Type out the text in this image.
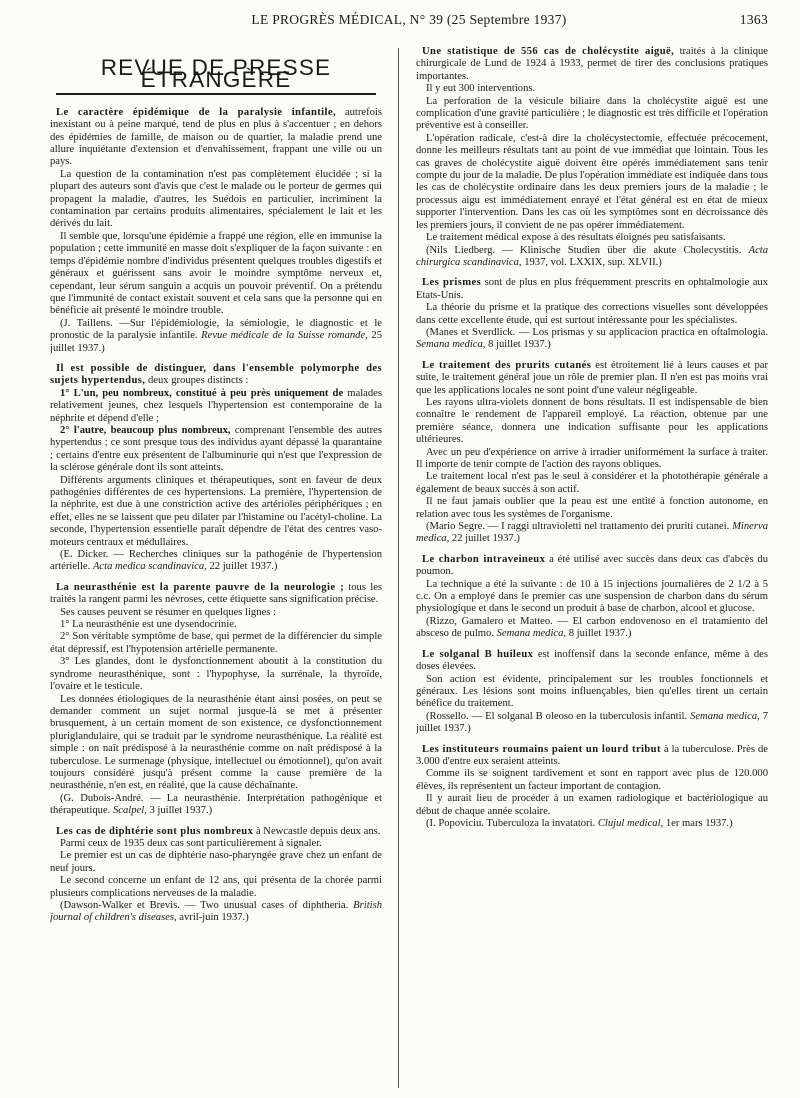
LE PROGRÈS MÉDICAL, N° 39 (25 Septembre 1937)	1363
REVUE DE PRESSE ÉTRANGÈRE

Le caractère épidémique de la paralysie infantile, autrefois inexistant ou à peine marqué, tend de plus en plus à s'accentuer ; en dehors des épidémies de famille, de maison ou de quartier, la maladie prend une allure inquiétante d'extension et d'envahissement, frappant une ville ou un pays.

La question de la contamination n'est pas complètement élucidée ; si la plupart des auteurs sont d'avis que c'est le malade ou le porteur de germes qui propagent la maladie, d'autres, les Suédois en particulier, incriminent la contamination par certains produits alimentaires, spécialement le lait et les dérivés du lait.

Il semble que, lorsqu'une épidémie a frappé une région, elle en immunise la population ; cette immunité en masse doit s'expliquer de la façon suivante : en temps d'épidémie nombre d'individus présentent quelques troubles digestifs et généraux et guérissent sans avoir le moindre symptôme nerveux et, cependant, leur sérum sanguin a acquis un pouvoir préventif. On a prétendu que l'immunité de contact existait souvent et cela sans que la personne qui en bénéficie ait présenté le moindre trouble.

(J. Taillens. —Sur l'épidémiologie, la sémiologie, le diagnostic et le pronostic de la paralysie infantile. Revue médicale de la Suisse romande, 25 juillet 1937.)

Il est possible de distinguer, dans l'ensemble polymorphe des sujets hypertendus, deux groupes distincts :

1° L'un, peu nombreux, constitué à peu près uniquement de malades relativement jeunes, chez lesquels l'hypertension est contemporaine de la néphrite et dépend d'elle ;

2° l'autre, beaucoup plus nombreux, comprenant l'ensemble des autres hypertendus ; ce sont presque tous des individus ayant dépassé la quarantaine ; certains d'entre eux présentent de l'albuminurie qui n'est que l'expression de la sclérose générale dont ils sont atteints.

Différents arguments cliniques et thérapeutiques, sont en faveur de deux pathogénies différentes de ces hypertensions. La première, l'hypertension de la néphrite, est due à une constriction active des artérioles périphériques ; en effet, elles ne se laissent que peu dilater par l'histamine ou l'acétyl-choline. La seconde, l'hypertension essentielle paraît dépendre de l'état des centres vaso-moteurs centraux et médullaires.

(E. Dicker. — Recherches cliniques sur la pathogénie de l'hypertension artérielle. Acta medica scandinavica, 22 juillet 1937.)

La neurasthénie est la parente pauvre de la neurologie ; tous les traités la rangent parmi les névroses, cette étiquette sans signification précise.

Ses causes peuvent se résumer en quelques lignes :

1° La neurasthénie est une dysendocrinie.

2° Son véritable symptôme de base, qui permet de la différencier du simple état dépressif, est l'hypotension artérielle permanente.

3° Les glandes, dont le dysfonctionnement aboutit à la constitution du syndrome neurasthénique, sont : l'hypophyse, la surrénale, la thyroïde, l'ovaire et le testicule.

Les données étiologiques de la neurasthénie étant ainsi posées, on peut se demander comment un sujet normal jusque-là se met à présenter brusquement, à un certain moment de son existence, ce dysfonctionnement pluriglandulaire, qui se traduit par le syndrome neurasthénique. La réalité est simple : on naît prédisposé à la neurasthénie comme on naît prédisposé à la tuberculose. Le surmenage (physique, intellectuel ou émotionnel), qu'on avait toujours considéré jusqu'à présent comme la cause première de la neurasthénie, n'en est, en réalité, que la cause déchaînante.

(G. Dubois-André. — La neurasthénie. Interprétation pathogénique et thérapeutique. Scalpel, 3 juillet 1937.)

Les cas de diphtérie sont plus nombreux à Newcastle depuis deux ans.

Parmi ceux de 1935 deux cas sont particulièrement à signaler.

Le premier est un cas de diphtérie naso-pharyngée grave chez un enfant de neuf jours.

Le second concerne un enfant de 12 ans, qui présenta de la chorée parmi plusieurs complications nerveuses de la maladie.

(Dawson-Walker et Brevis. — Two unusual cases of diphtheria. British journal of children's diseases, avril-juin 1937.)

Une statistique de 556 cas de cholécystite aiguë, traités à la clinique chirurgicale de Lund de 1924 à 1933, permet de tirer des conclusions pratiques importantes.

Il y eut 300 interventions.

La perforation de la vésicule biliaire dans la cholécystite aiguë est une complication d'une gravité particulière ; le diagnostic est très difficile et l'opération préventive est à conseiller.

L'opération radicale, c'est-à dire la cholécystectomie, effectuée précocement, donne les meilleurs résultats tant au point de vue immédiat que lointain. Tous les cas graves de cholécystite aiguë doivent être opérés immédiatement sans tenir compte du jour de la maladie. De plus l'opération immédiate est indiquée dans tous les cas de cholécystite ordinaire dans les deux premiers jours de la maladie ; le processus aigu est immédiatement enrayé et l'état général est en état de mieux supporter l'intervention. Dans les cas où les symptômes sont en décroissance dès les premiers jours, il convient de ne pas opérer immédiatement.

Le traitement médical expose à des résultats éloignés peu satisfaisants.

(Nils Liedberg. — Klinische Studien über die akute Cholecystitis. Acta chirurgica scandinavica, 1937, vol. LXXIX, sup. XLVII.)

Les prismes sont de plus en plus fréquemment prescrits en ophtalmologie aux Etats-Unis.

La théorie du prisme et la pratique des corrections visuelles sont développées dans cette excellente étude, qui est surtout intéressante pour les spécialistes.

(Manes et Sverdlick. — Los prismas y su applicacion practica en oftalmologia. Semana medica, 8 juillet 1937.)

Le traitement des prurits cutanés est étroitement lié à leurs causes et par suite, le traitement général joue un rôle de premier plan. Il n'en est pas moins vrai que les applications locales ne sont point d'une valeur négligeable.

Les rayons ultra-violets donnent de bons résultats. Il est indispensable de bien connaître le rendement de l'appareil employé. La réaction, obtenue par une première séance, donnera une indication suffisante pour les applications ultérieures.

Avec un peu d'expérience on arrive à irradier uniformément la surface à traiter. Il importe de tenir compte de l'action des rayons obliques.

Le traitement local n'est pas le seul à considérer et la photothérapie générale a également de beaux succès à son actif.

Il ne faut jamais oublier que la peau est une entité à fonction autonome, en relation avec tous les systèmes de l'organisme.

(Mario Segre. — I raggi ultravioletti nel trattamento dei pruriti cutanei. Minerva medica, 22 juillet 1937.)

Le charbon intraveineux a été utilisé avec succès dans deux cas d'abcès du poumon.

La technique a été la suivante : de 10 à 15 injections journalières de 2 1/2 à 5 c.c. On a employé dans le premier cas une suspension de charbon dans du sérum physiologique et dans le second un produit à base de charbon, alcool et glucose.

(Rizzo, Gamalero et Matteo. — El carbon endovenoso en el tratamiento del absceso de pulmo. Semana medica, 8 juillet 1937.)

Le solganal B huileux est inoffensif dans la seconde enfance, même à des doses élevées.

Son action est évidente, principalement sur les troubles fonctionnels et généraux. Les lésions sont moins influençables, bien qu'elles tirent un certain bénéfice du traitement.

(Rossello. — El solganal B oleoso en la tuberculosis infantil. Semana medica, 7 juillet 1937.)

Les instituteurs roumains paient un lourd tribut à la tuberculose. Près de 3.000 d'entre eux seraient atteints.

Comme ils se soignent tardivement et sont en rapport avec plus de 120.000 élèves, ils représentent un facteur important de contagion.

Il y aurait lieu de procéder à un examen radiologique et bactériologique au début de chaque année scolaire.

(I. Popoviciu. Tuberculoza la invatatori. Clujul medical, 1er mars 1937.)
